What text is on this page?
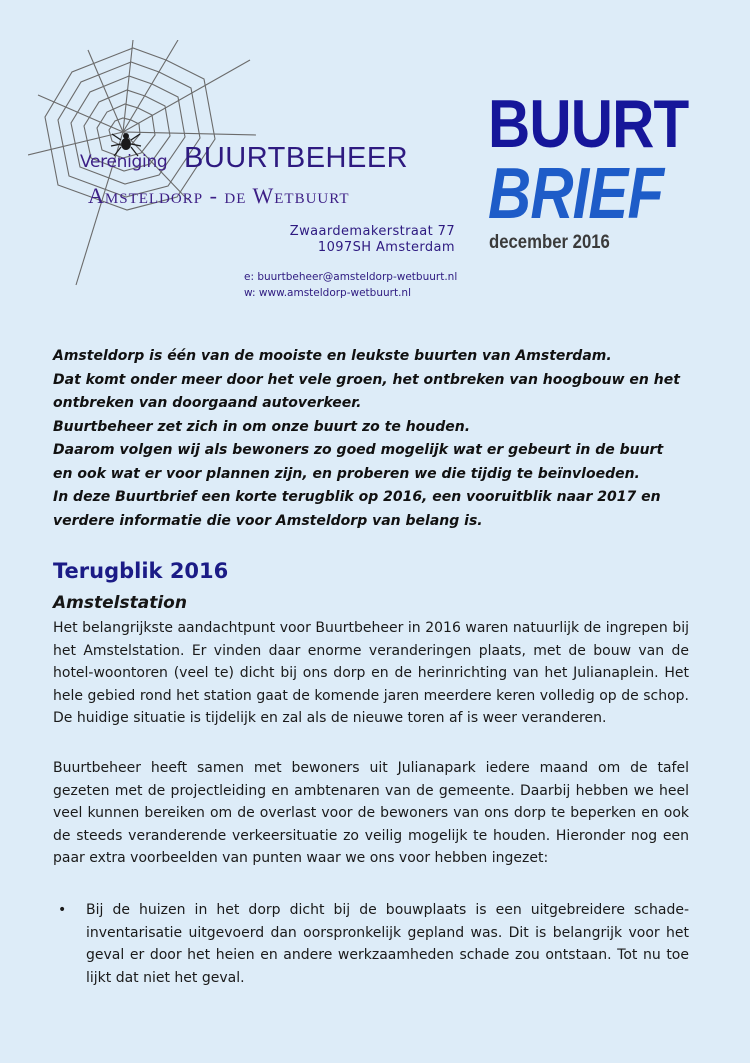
Vereniging BUURTBEHEER
Amsteldorp - de Wetbuurt
Zwaardemakerstraat 77
1097SH Amsterdam
e: buurtbeheer@amsteldorp-wetbuurt.nl
w: www.amsteldorp-wetbuurt.nl
BUURT
BRIEF
december 2016
Amsteldorp is één van de mooiste en leukste buurten van Amsterdam.
Dat komt onder meer door het vele groen, het ontbreken van hoogbouw en het
ontbreken van doorgaand autoverkeer.
Buurtbeheer zet zich in om onze buurt zo te houden.
Daarom volgen wij als bewoners zo goed mogelijk wat er gebeurt in de buurt
en ook wat er voor plannen zijn, en proberen we die tijdig te beïnvloeden.
In deze Buurtbrief een korte terugblik op 2016, een vooruitblik naar 2017 en
verdere informatie die voor Amsteldorp van belang is.
Terugblik 2016
Amstelstation
Het belangrijkste aandachtpunt voor Buurtbeheer in 2016 waren natuurlijk de ingrepen bij het Amstelstation. Er vinden daar enorme veranderingen plaats, met de bouw van de hotel-woontoren (veel te) dicht bij ons dorp en de herinrichting van het Julianaplein. Het hele gebied rond het station gaat de komende jaren meerdere keren volledig op de schop. De huidige situatie is tijdelijk en zal als de nieuwe toren af is weer veranderen.
Buurtbeheer heeft samen met bewoners uit Julianapark iedere maand om de tafel gezeten met de projectleiding en ambtenaren van de gemeente. Daarbij hebben we heel veel kunnen bereiken om de overlast voor de bewoners van ons dorp te beperken en ook de steeds veranderende verkeersituatie zo veilig mogelijk te houden. Hieronder nog een paar extra voorbeelden van punten waar we ons voor hebben ingezet:
•	Bij de huizen in het dorp dicht bij de bouwplaats is een uitgebreidere schade-inventarisatie uitgevoerd dan oorspronkelijk gepland was. Dit is belangrijk voor het geval er door het heien en andere werkzaamheden schade zou ontstaan. Tot nu toe lijkt dat niet het geval.
